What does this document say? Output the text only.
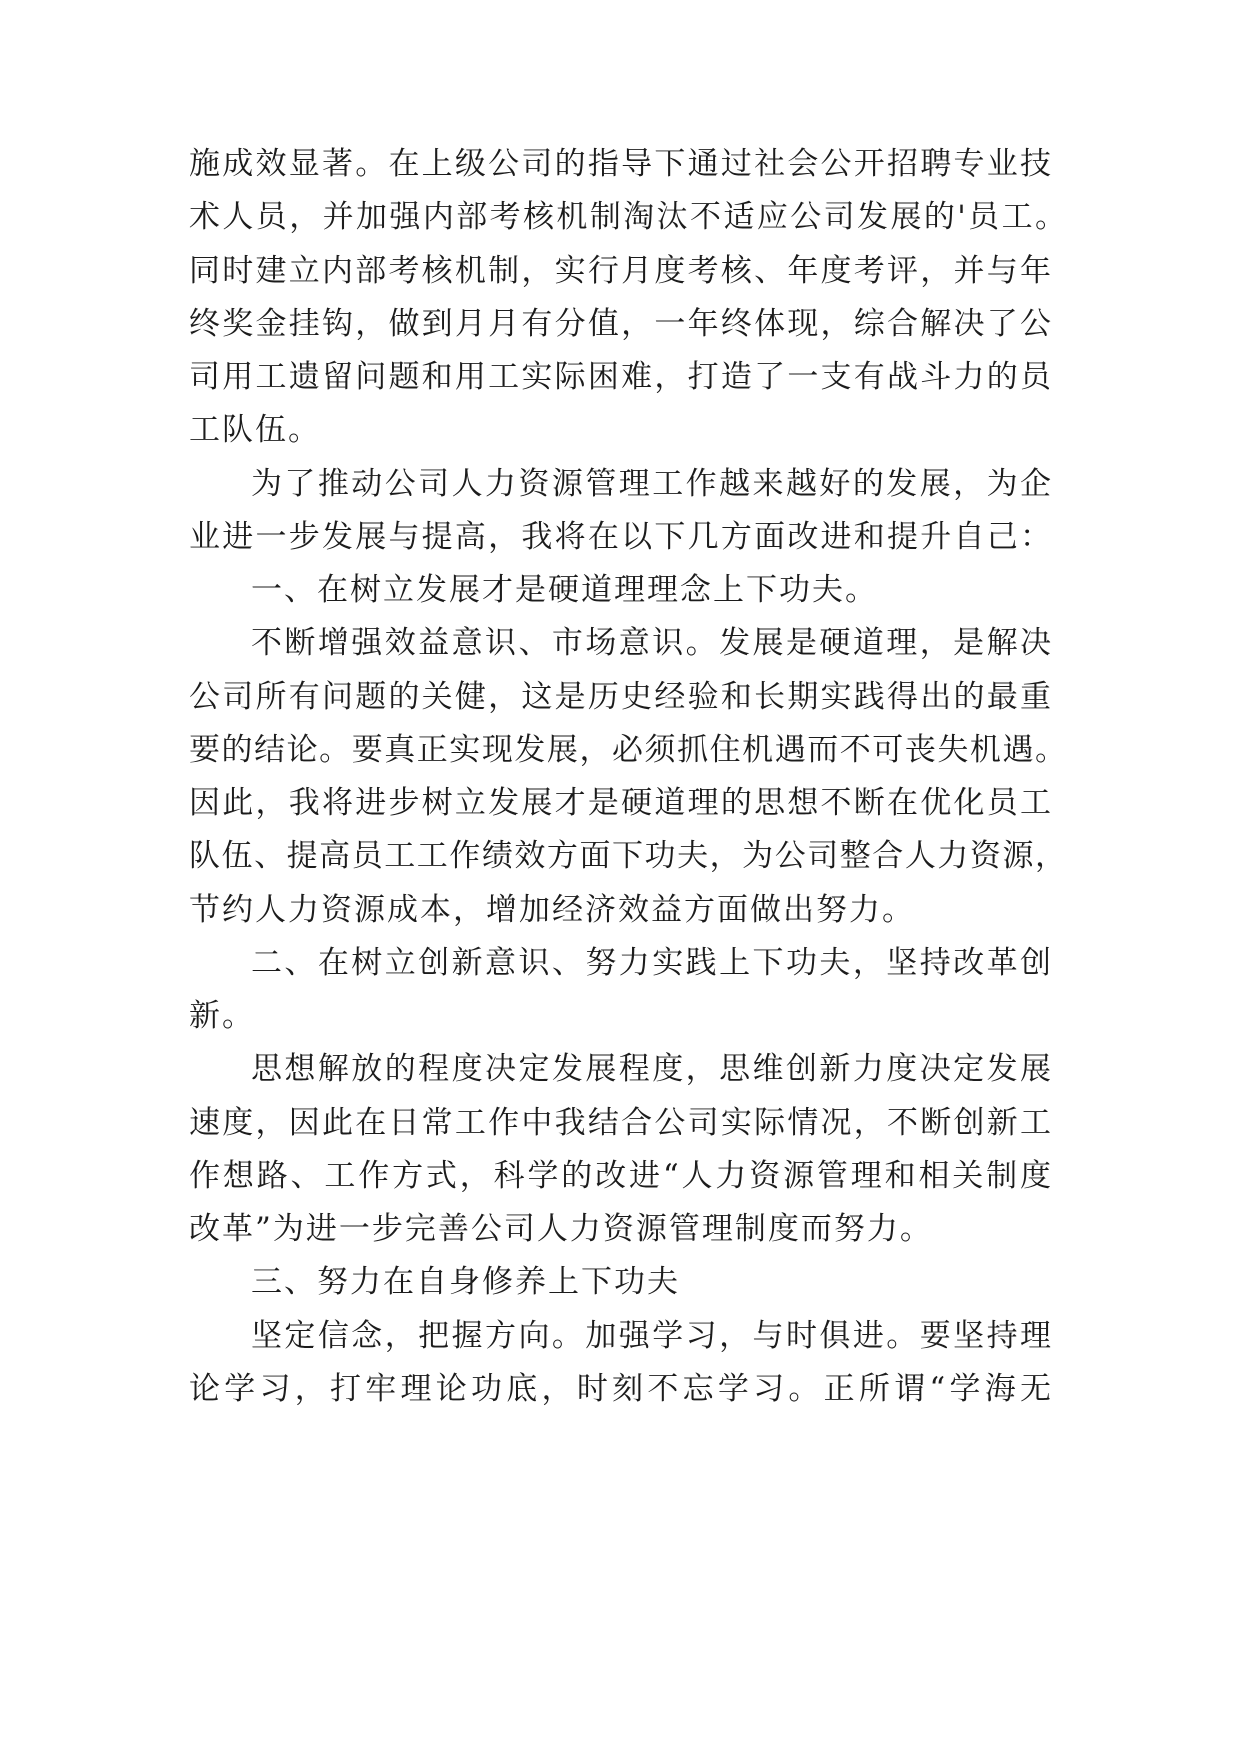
施成效显著。在上级公司的指导下通过社会公开招聘专业技
术人员，并加强内部考核机制淘汰不适应公司发展的'员工。
同时建立内部考核机制，实行月度考核、年度考评，并与年
终奖金挂钩，做到月月有分值，一年终体现，综合解决了公
司用工遗留问题和用工实际困难，打造了一支有战斗力的员
工队伍。
为了推动公司人力资源管理工作越来越好的发展，为企
业进一步发展与提高，我将在以下几方面改进和提升自己：
一、在树立发展才是硬道理理念上下功夫。
不断增强效益意识、市场意识。发展是硬道理，是解决
公司所有问题的关健，这是历史经验和长期实践得出的最重
要的结论。要真正实现发展，必须抓住机遇而不可丧失机遇。
因此，我将进步树立发展才是硬道理的思想不断在优化员工
队伍、提高员工工作绩效方面下功夫，为公司整合人力资源，
节约人力资源成本，增加经济效益方面做出努力。
二、在树立创新意识、努力实践上下功夫，坚持改革创
新。
思想解放的程度决定发展程度，思维创新力度决定发展
速度，因此在日常工作中我结合公司实际情况，不断创新工
作想路、工作方式，科学的改进“人力资源管理和相关制度
改革”为进一步完善公司人力资源管理制度而努力。
三、努力在自身修养上下功夫
坚定信念，把握方向。加强学习，与时俱进。要坚持理
论学习，打牢理论功底，时刻不忘学习。正所谓“学海无
